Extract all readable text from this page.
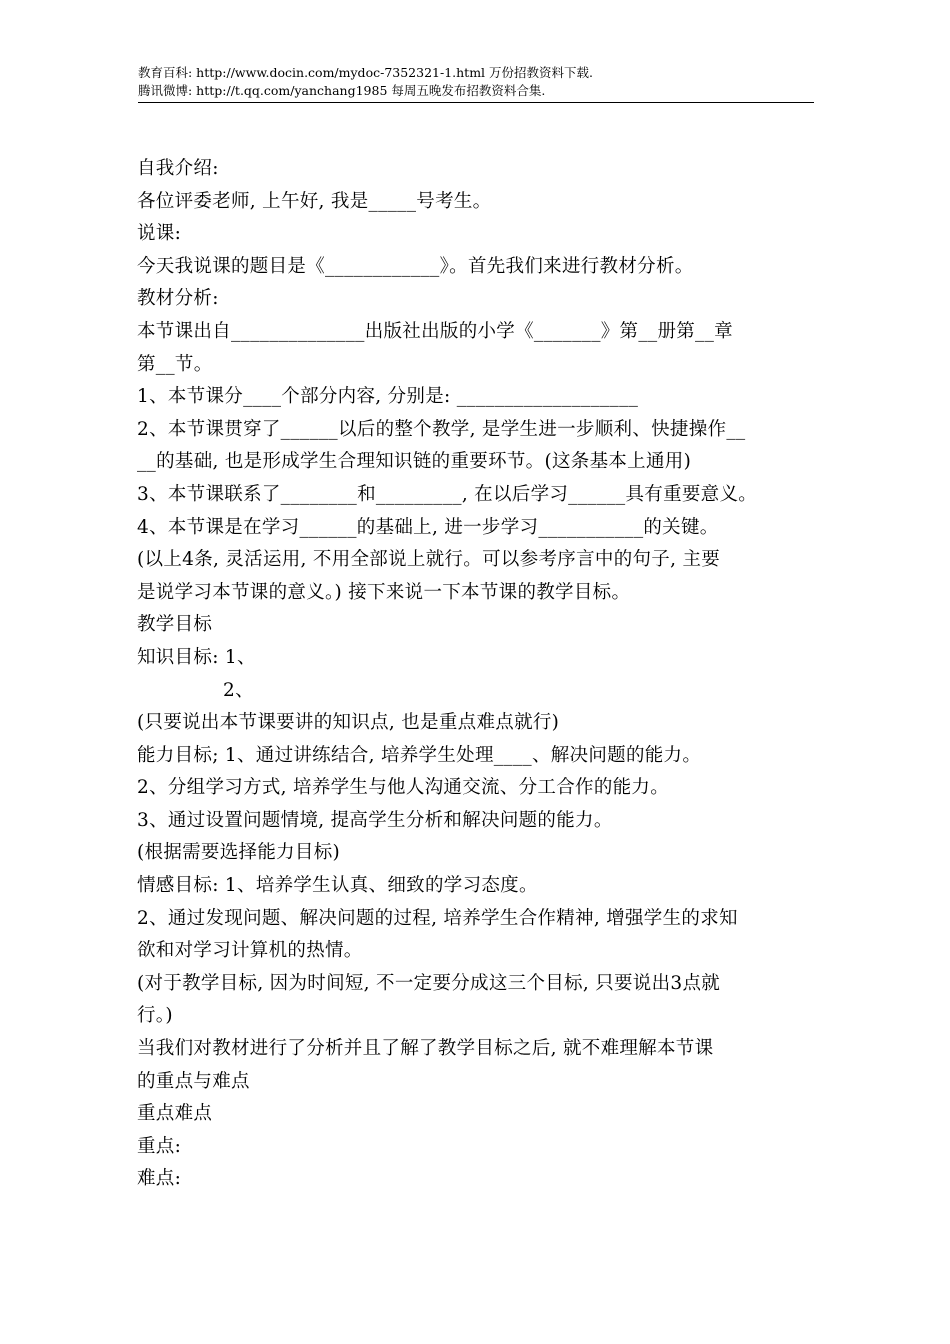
教育百科: http://www.docin.com/mydoc-7352321-1.html 万份招教资料下载.
腾讯微博: http://t.qq.com/yanchang1985 每周五晚发布招教资料合集.
自我介绍:
各位评委老师, 上午好, 我是_____号考生。
说课:
今天我说课的题目是《____________》。首先我们来进行教材分析。
教材分析:
本节课出自______________出版社出版的小学《_______》第__册第__章
第__节。
1、本节课分____个部分内容, 分别是: ___________________
2、本节课贯穿了______以后的整个教学, 是学生进一步顺利、快捷操作__
__的基础, 也是形成学生合理知识链的重要环节。(这条基本上通用)
3、本节课联系了________和_________, 在以后学习______具有重要意义。
4、本节课是在学习______的基础上, 进一步学习___________的关键。
(以上4条, 灵活运用, 不用全部说上就行。可以参考序言中的句子, 主要
是说学习本节课的意义。) 接下来说一下本节课的教学目标。
教学目标
知识目标: 1、
2、
(只要说出本节课要讲的知识点, 也是重点难点就行)
能力目标; 1、通过讲练结合, 培养学生处理____、解决问题的能力。
2、分组学习方式, 培养学生与他人沟通交流、分工合作的能力。
3、通过设置问题情境, 提高学生分析和解决问题的能力。
(根据需要选择能力目标)
情感目标: 1、培养学生认真、细致的学习态度。
2、通过发现问题、解决问题的过程, 培养学生合作精神, 增强学生的求知
欲和对学习计算机的热情。
(对于教学目标, 因为时间短, 不一定要分成这三个目标, 只要说出3点就
行。)
当我们对教材进行了分析并且了解了教学目标之后, 就不难理解本节课
的重点与难点
重点难点
重点:
难点:
